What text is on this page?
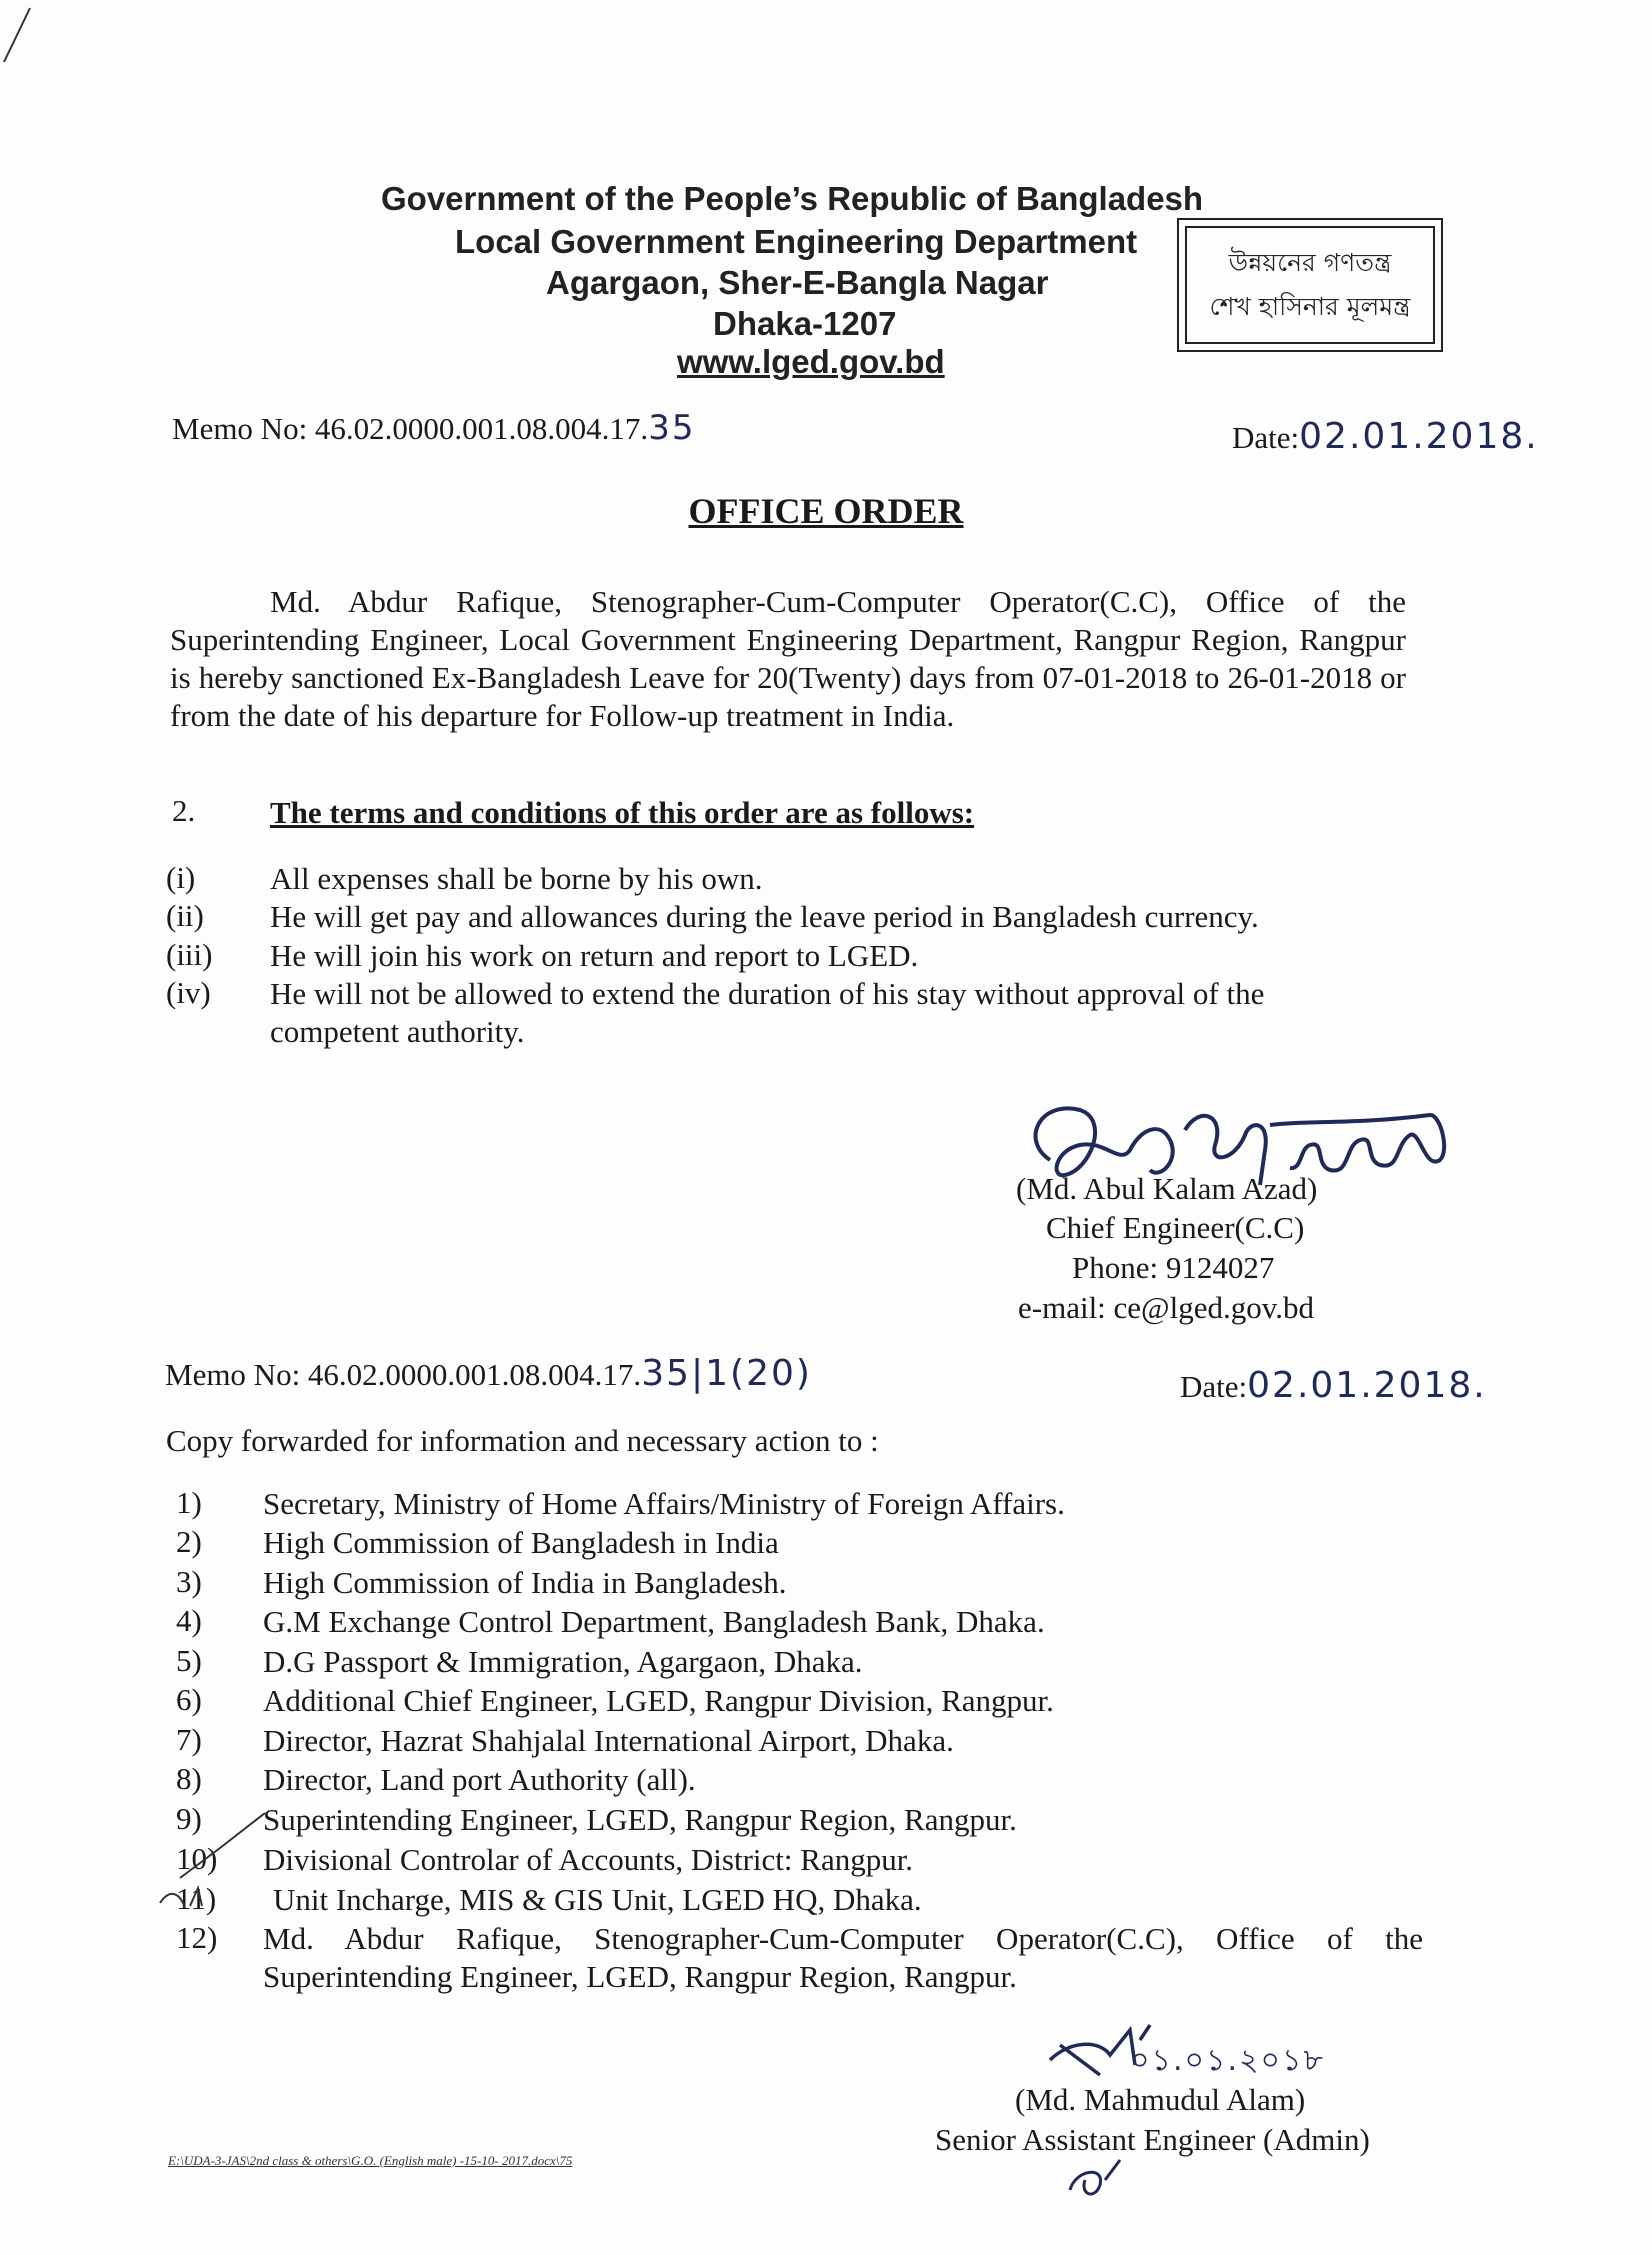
Government of the People’s Republic of Bangladesh
Local Government Engineering Department
Agargaon, Sher-E-Bangla Nagar
Dhaka-1207
www.lged.gov.bd
উন্নয়নের গণতন্ত্র
শেখ হাসিনার মূলমন্ত্র
Memo No: 46.02.0000.001.08.004.17.35	Date:02.01.2018.
OFFICE ORDER
Md. Abdur Rafique, Stenographer-Cum-Computer Operator(C.C), Office of the Superintending Engineer, Local Government Engineering Department, Rangpur Region, Rangpur is hereby sanctioned Ex-Bangladesh Leave for 20(Twenty) days from 07-01-2018 to 26-01-2018 or from the date of his departure for Follow-up treatment in India.
2. The terms and conditions of this order are as follows:
(i) All expenses shall be borne by his own.
(ii) He will get pay and allowances during the leave period in Bangladesh currency.
(iii) He will join his work on return and report to LGED.
(iv) He will not be allowed to extend the duration of his stay without approval of the competent authority.
(Md. Abul Kalam Azad)
Chief Engineer(C.C)
Phone: 9124027
e-mail: ce@lged.gov.bd
Memo No: 46.02.0000.001.08.004.17.35|1(20)	Date:02.01.2018.
Copy forwarded for information and necessary action to :
1) Secretary, Ministry of Home Affairs/Ministry of Foreign Affairs.
2) High Commission of Bangladesh in India
3) High Commission of India in Bangladesh.
4) G.M Exchange Control Department, Bangladesh Bank, Dhaka.
5) D.G Passport & Immigration, Agargaon, Dhaka.
6) Additional Chief Engineer, LGED, Rangpur Division, Rangpur.
7) Director, Hazrat Shahjalal International Airport, Dhaka.
8) Director, Land port Authority (all).
9) Superintending Engineer, LGED, Rangpur Region, Rangpur.
10) Divisional Controlar of Accounts, District: Rangpur.
11) Unit Incharge, MIS & GIS Unit, LGED HQ, Dhaka.
12) Md. Abdur Rafique, Stenographer-Cum-Computer Operator(C.C), Office of the Superintending Engineer, LGED, Rangpur Region, Rangpur.
০১.০১.২০১৮
(Md. Mahmudul Alam)
Senior Assistant Engineer (Admin)
E:\UDA-3-JAS\2nd class & others\G.O. (English male) -15-10- 2017.docx\75
